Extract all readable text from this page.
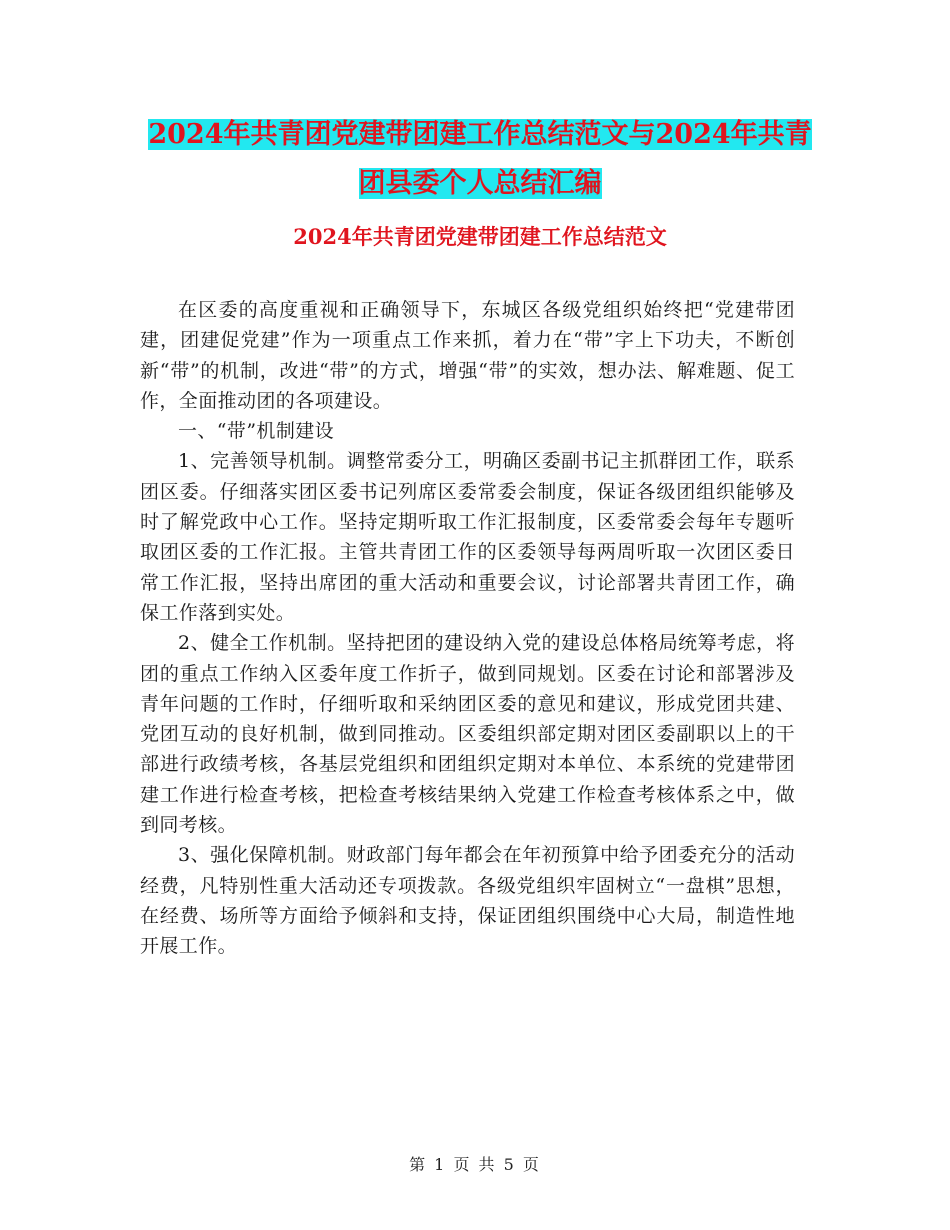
2024年共青团党建带团建工作总结范文与2024年共青
团县委个人总结汇编
2024年共青团党建带团建工作总结范文

在区委的高度重视和正确领导下，东城区各级党组织始终把“党建带团建，团建促党建”作为一项重点工作来抓，着力在“带”字上下功夫，不断创新“带”的机制，改进“带”的方式，增强“带”的实效，想办法、解难题、促工作，全面推动团的各项建设。

一、“带”机制建设

1、完善领导机制。调整常委分工，明确区委副书记主抓群团工作，联系团区委。仔细落实团区委书记列席区委常委会制度，保证各级团组织能够及时了解党政中心工作。坚持定期听取工作汇报制度，区委常委会每年专题听取团区委的工作汇报。主管共青团工作的区委领导每两周听取一次团区委日常工作汇报，坚持出席团的重大活动和重要会议，讨论部署共青团工作，确保工作落到实处。

2、健全工作机制。坚持把团的建设纳入党的建设总体格局统筹考虑，将团的重点工作纳入区委年度工作折子，做到同规划。区委在讨论和部署涉及青年问题的工作时，仔细听取和采纳团区委的意见和建议，形成党团共建、党团互动的良好机制，做到同推动。区委组织部定期对团区委副职以上的干部进行政绩考核，各基层党组织和团组织定期对本单位、本系统的党建带团建工作进行检查考核，把检查考核结果纳入党建工作检查考核体系之中，做到同考核。

3、强化保障机制。财政部门每年都会在年初预算中给予团委充分的活动经费，凡特别性重大活动还专项拨款。各级党组织牢固树立“一盘棋”思想，在经费、场所等方面给予倾斜和支持，保证团组织围绕中心大局，制造性地开展工作。

第 1 页 共 5 页
